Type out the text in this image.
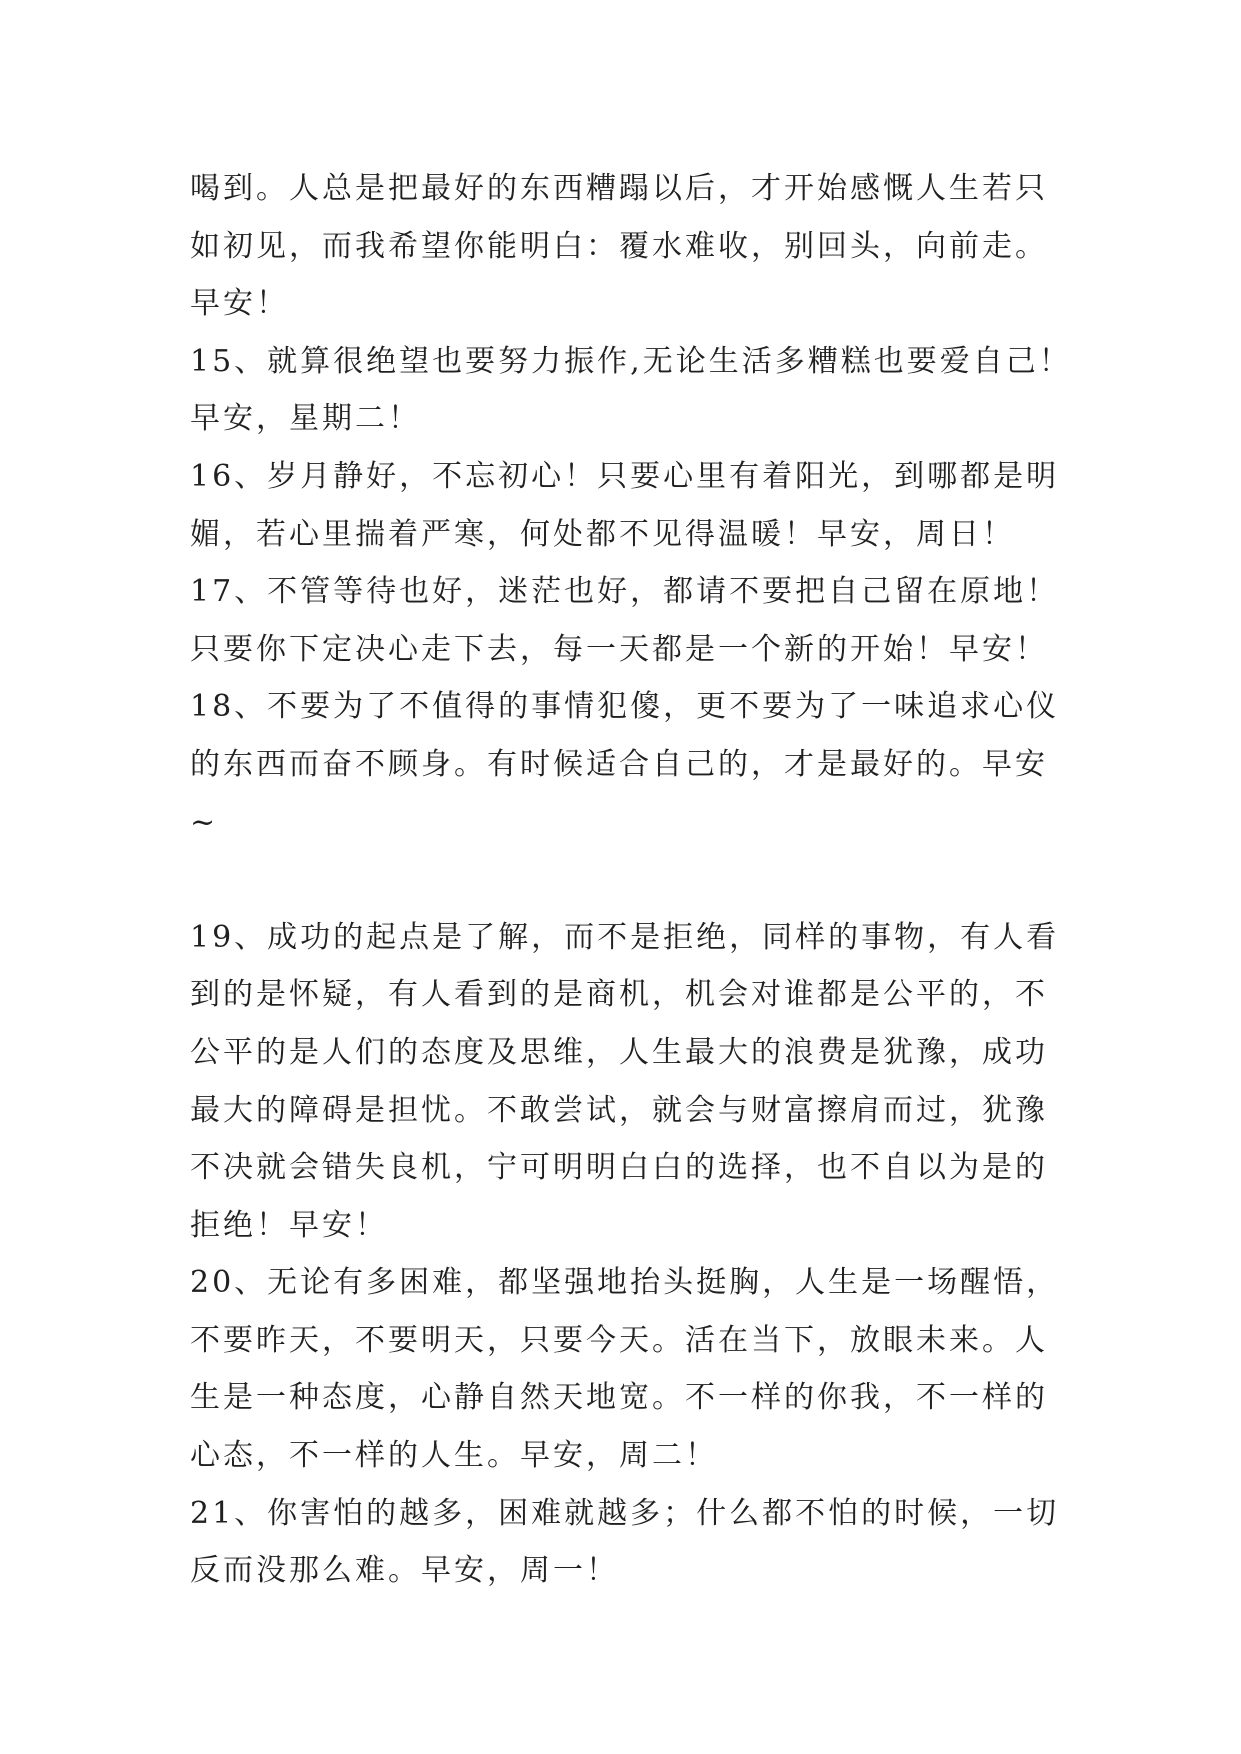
喝到。人总是把最好的东西糟蹋以后，才开始感慨人生若只
如初见，而我希望你能明白：覆水难收，别回头，向前走。
早安！
15、就算很绝望也要努力振作,无论生活多糟糕也要爱自己！
早安，星期二！
16、岁月静好，不忘初心！只要心里有着阳光，到哪都是明
媚，若心里揣着严寒，何处都不见得温暖！早安，周日！
17、不管等待也好，迷茫也好，都请不要把自己留在原地！
只要你下定决心走下去，每一天都是一个新的开始！早安！
18、不要为了不值得的事情犯傻，更不要为了一味追求心仪
的东西而奋不顾身。有时候适合自己的，才是最好的。早安
~
19、成功的起点是了解，而不是拒绝，同样的事物，有人看
到的是怀疑，有人看到的是商机，机会对谁都是公平的，不
公平的是人们的态度及思维，人生最大的浪费是犹豫，成功
最大的障碍是担忧。不敢尝试，就会与财富擦肩而过，犹豫
不决就会错失良机，宁可明明白白的选择，也不自以为是的
拒绝！早安！
20、无论有多困难，都坚强地抬头挺胸，人生是一场醒悟，
不要昨天，不要明天，只要今天。活在当下，放眼未来。人
生是一种态度，心静自然天地宽。不一样的你我，不一样的
心态，不一样的人生。早安，周二！
21、你害怕的越多，困难就越多；什么都不怕的时候，一切
反而没那么难。早安，周一！
